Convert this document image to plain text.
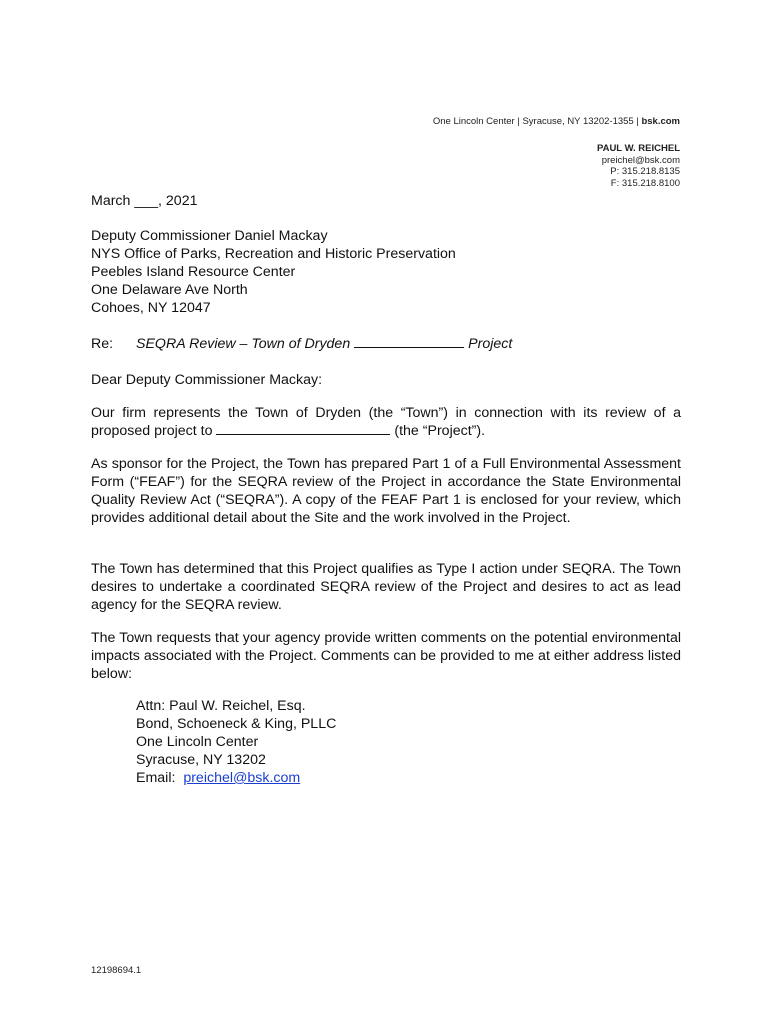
One Lincoln Center | Syracuse, NY 13202-1355 | bsk.com
PAUL W. REICHEL
preichel@bsk.com
P: 315.218.8135
F: 315.218.8100
March ___, 2021
Deputy Commissioner Daniel Mackay
NYS Office of Parks, Recreation and Historic Preservation
Peebles Island Resource Center
One Delaware Ave North
Cohoes, NY 12047
Re: SEQRA Review – Town of Dryden	Project
Dear Deputy Commissioner Mackay:

Our firm represents the Town of Dryden (the “Town”) in connection with its review of a proposed project to	(the “Project”).

As sponsor for the Project, the Town has prepared Part 1 of a Full Environmental Assessment Form (“FEAF”) for the SEQRA review of the Project in accordance the State Environmental Quality Review Act (“SEQRA”). A copy of the FEAF Part 1 is enclosed for your review, which provides additional detail about the Site and the work involved in the Project.

The Town has determined that this Project qualifies as Type I action under SEQRA. The Town desires to undertake a coordinated SEQRA review of the Project and desires to act as lead agency for the SEQRA review.

The Town requests that your agency provide written comments on the potential environmental impacts associated with the Project. Comments can be provided to me at either address listed below:

Attn: Paul W. Reichel, Esq.
Bond, Schoeneck & King, PLLC
One Lincoln Center
Syracuse, NY 13202
Email:  preichel@bsk.com
12198694.1
